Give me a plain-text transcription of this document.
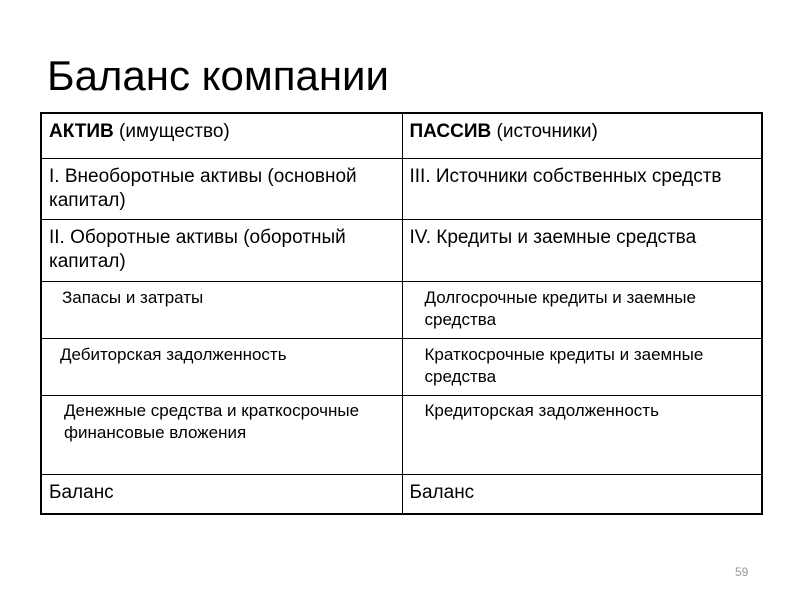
Баланс компании
АКТИВ (имущество)	ПАССИВ (источники)

I. Внеоборотные активы (основной капитал)	III. Источники собственных средств

II. Оборотные активы (оборотный капитал)	IV. Кредиты и заемные средства

Запасы и затраты	Долгосрочные кредиты и заемные средства

Дебиторская задолженность	Краткосрочные кредиты и заемные средства

Денежные средства и краткосрочные финансовые вложения	Кредиторская задолженность

Баланс	Баланс
59
